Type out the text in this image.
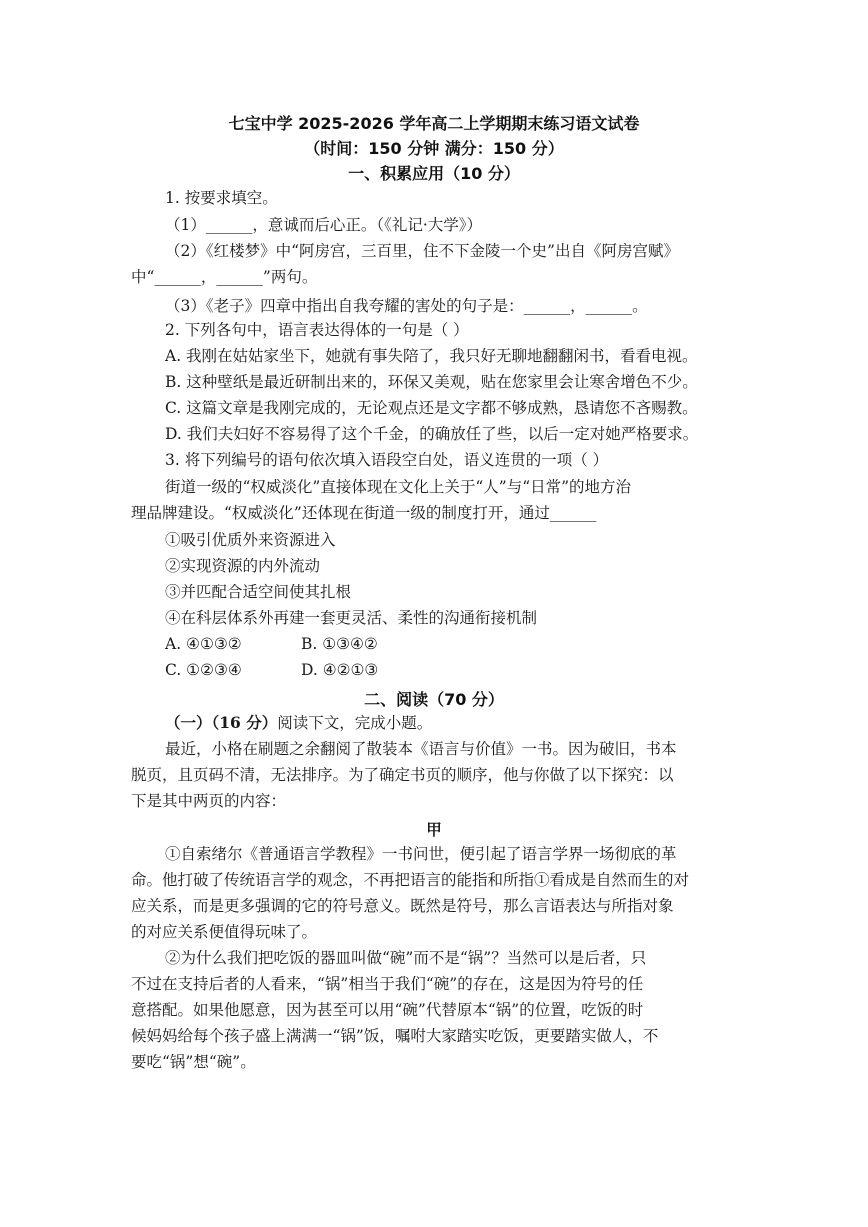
七宝中学 2025-2026 学年高二上学期期末练习语文试卷
（时间：150 分钟 满分：150 分）
一、积累应用（10 分）
1. 按要求填空。
（1）______，意诚而后心正。（《礼记·大学》）
（2）《红楼梦》中“阿房宫，三百里，住不下金陵一个史”出自《阿房宫赋》
中“______，______”两句。
（3）《老子》四章中指出自我夸耀的害处的句子是：______，______。
2. 下列各句中，语言表达得体的一句是（ ）
A. 我刚在姑姑家坐下，她就有事失陪了，我只好无聊地翻翻闲书，看看电视。
B. 这种壁纸是最近研制出来的，环保又美观，贴在您家里会让寒舍增色不少。
C. 这篇文章是我刚完成的，无论观点还是文字都不够成熟，恳请您不吝赐教。
D. 我们夫妇好不容易得了这个千金，的确放任了些，以后一定对她严格要求。
3. 将下列编号的语句依次填入语段空白处，语义连贯的一项（ ）
街道一级的“权威淡化”直接体现在文化上关于“人”与“日常”的地方治
理品牌建设。“权威淡化”还体现在街道一级的制度打开，通过______
①吸引优质外来资源进入
②实现资源的内外流动
③并匹配合适空间使其扎根
④在科层体系外再建一套更灵活、柔性的沟通衔接机制
A. ④①③②	B. ①③④②
C. ①②③④	D. ④②①③
二、阅读（70 分）
（一）（16 分）阅读下文，完成小题。
最近，小格在刷题之余翻阅了散装本《语言与价值》一书。因为破旧，书本
脱页，且页码不清，无法排序。为了确定书页的顺序，他与你做了以下探究：以
下是其中两页的内容：
甲
①自索绪尔《普通语言学教程》一书问世，便引起了语言学界一场彻底的革
命。他打破了传统语言学的观念，不再把语言的能指和所指①看成是自然而生的对
应关系，而是更多强调的它的符号意义。既然是符号，那么言语表达与所指对象
的对应关系便值得玩味了。
②为什么我们把吃饭的器皿叫做“碗”而不是“锅”？当然可以是后者，只
不过在支持后者的人看来，“锅”相当于我们“碗”的存在，这是因为符号的任
意搭配。如果他愿意，因为甚至可以用“碗”代替原本“锅”的位置，吃饭的时
候妈妈给每个孩子盛上满满一“锅”饭，嘱咐大家踏实吃饭，更要踏实做人，不
要吃“锅”想“碗”。
